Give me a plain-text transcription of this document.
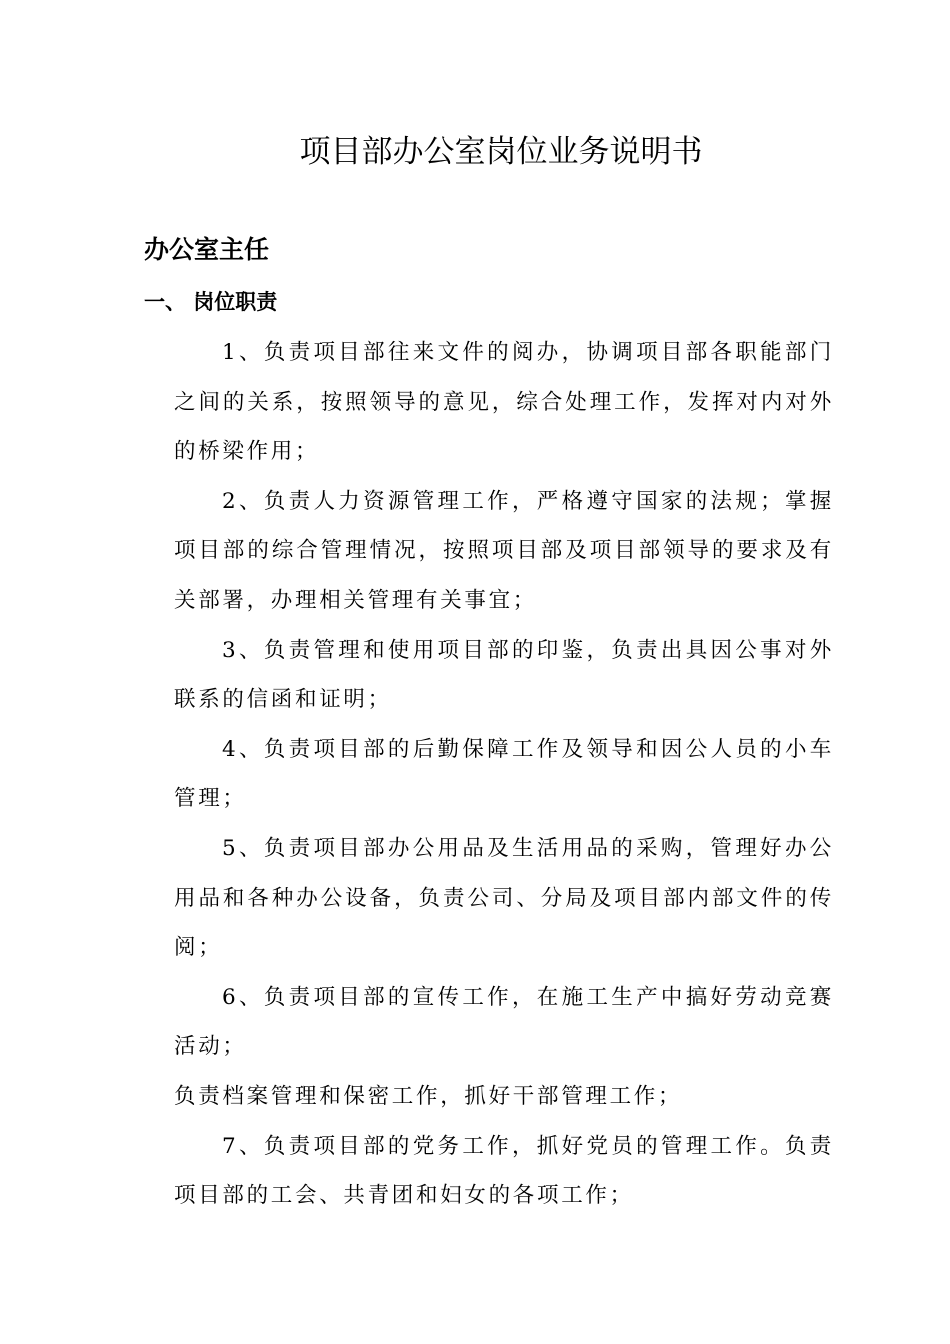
项目部办公室岗位业务说明书
办公室主任
一、 岗位职责

1、负责项目部往来文件的阅办，协调项目部各职能部门之间的关系，按照领导的意见，综合处理工作，发挥对内对外的桥梁作用；

2、负责人力资源管理工作，严格遵守国家的法规；掌握项目部的综合管理情况，按照项目部及项目部领导的要求及有关部署，办理相关管理有关事宜；

3、负责管理和使用项目部的印鉴，负责出具因公事对外联系的信函和证明；

4、负责项目部的后勤保障工作及领导和因公人员的小车管理；

5、负责项目部办公用品及生活用品的采购，管理好办公用品和各种办公设备，负责公司、分局及项目部内部文件的传阅；

6、负责项目部的宣传工作，在施工生产中搞好劳动竞赛活动；

负责档案管理和保密工作，抓好干部管理工作；

7、负责项目部的党务工作，抓好党员的管理工作。负责项目部的工会、共青团和妇女的各项工作；
